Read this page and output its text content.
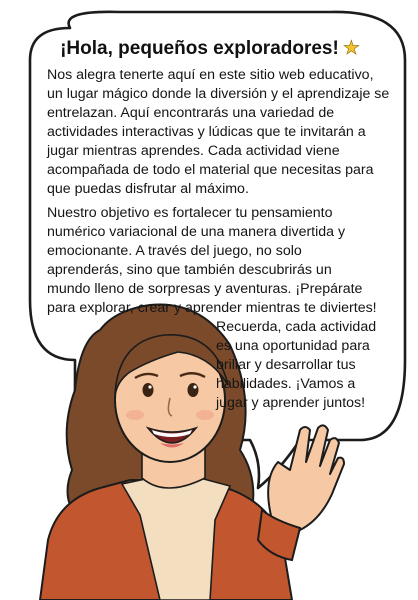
¡Hola, pequeños exploradores! ★
Nos alegra tenerte aquí en este sitio web educativo, un lugar mágico donde la diversión y el aprendizaje se entrelazan. Aquí encontrarás una variedad de actividades interactivas y lúdicas que te invitarán a jugar mientras aprendes. Cada actividad viene acompañada de todo el material que necesitas para que puedas disfrutar al máximo.
Nuestro objetivo es fortalecer tu pensamiento numérico variacional de una manera divertida y emocionante. A través del juego, no solo aprenderás, sino que también descubrirás un mundo lleno de sorpresas y aventuras. ¡Prepárate para explorar, crear y aprender mientras te diviertes!
Recuerda, cada actividad es una oportunidad para brillar y desarrollar tus habilidades. ¡Vamos a jugar y aprender juntos!
